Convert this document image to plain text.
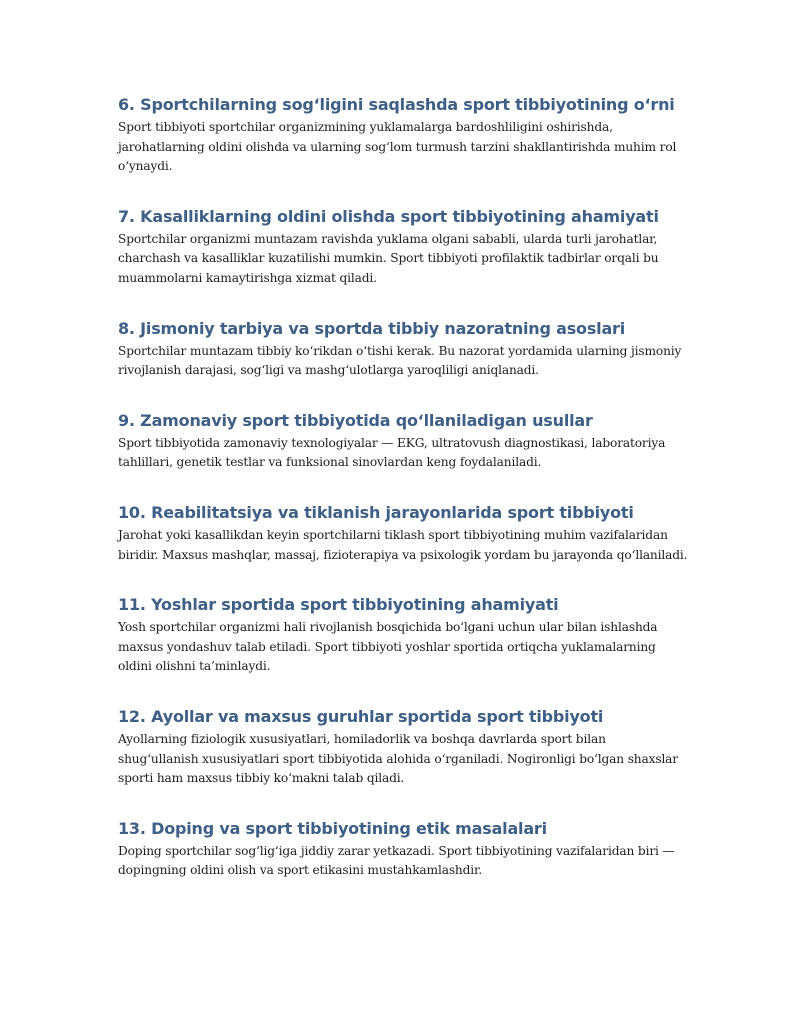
6. Sportchilarning sog‘ligini saqlashda sport tibbiyotining o‘rni

Sport tibbiyoti sportchilar organizmining yuklamalarga bardoshliligini oshirishda, jarohatlarning oldini olishda va ularning sog‘lom turmush tarzini shakllantirishda muhim rol o‘ynaydi.

7. Kasalliklarning oldini olishda sport tibbiyotining ahamiyati

Sportchilar organizmi muntazam ravishda yuklama olgani sababli, ularda turli jarohatlar, charchash va kasalliklar kuzatilishi mumkin. Sport tibbiyoti profilaktik tadbirlar orqali bu muammolarni kamaytirishga xizmat qiladi.

8. Jismoniy tarbiya va sportda tibbiy nazoratning asoslari

Sportchilar muntazam tibbiy ko‘rikdan o‘tishi kerak. Bu nazorat yordamida ularning jismoniy rivojlanish darajasi, sog‘ligi va mashg‘ulotlarga yaroqliligi aniqlanadi.

9. Zamonaviy sport tibbiyotida qo‘llaniladigan usullar

Sport tibbiyotida zamonaviy texnologiyalar — EKG, ultratovush diagnostikasi, laboratoriya tahlillari, genetik testlar va funksional sinovlardan keng foydalaniladi.

10. Reabilitatsiya va tiklanish jarayonlarida sport tibbiyoti

Jarohat yoki kasallikdan keyin sportchilarni tiklash sport tibbiyotining muhim vazifalaridan biridir. Maxsus mashqlar, massaj, fizioterapiya va psixologik yordam bu jarayonda qo‘llaniladi.

11. Yoshlar sportida sport tibbiyotining ahamiyati

Yosh sportchilar organizmi hali rivojlanish bosqichida bo‘lgani uchun ular bilan ishlashda maxsus yondashuv talab etiladi. Sport tibbiyoti yoshlar sportida ortiqcha yuklamalarning oldini olishni ta’minlaydi.

12. Ayollar va maxsus guruhlar sportida sport tibbiyoti

Ayollarning fiziologik xususiyatlari, homiladorlik va boshqa davrlarda sport bilan shug‘ullanish xususiyatlari sport tibbiyotida alohida o‘rganiladi. Nogironligi bo‘lgan shaxslar sporti ham maxsus tibbiy ko‘makni talab qiladi.

13. Doping va sport tibbiyotining etik masalalari

Doping sportchilar sog‘lig‘iga jiddiy zarar yetkazadi. Sport tibbiyotining vazifalaridan biri — dopingning oldini olish va sport etikasini mustahkamlashdir.
